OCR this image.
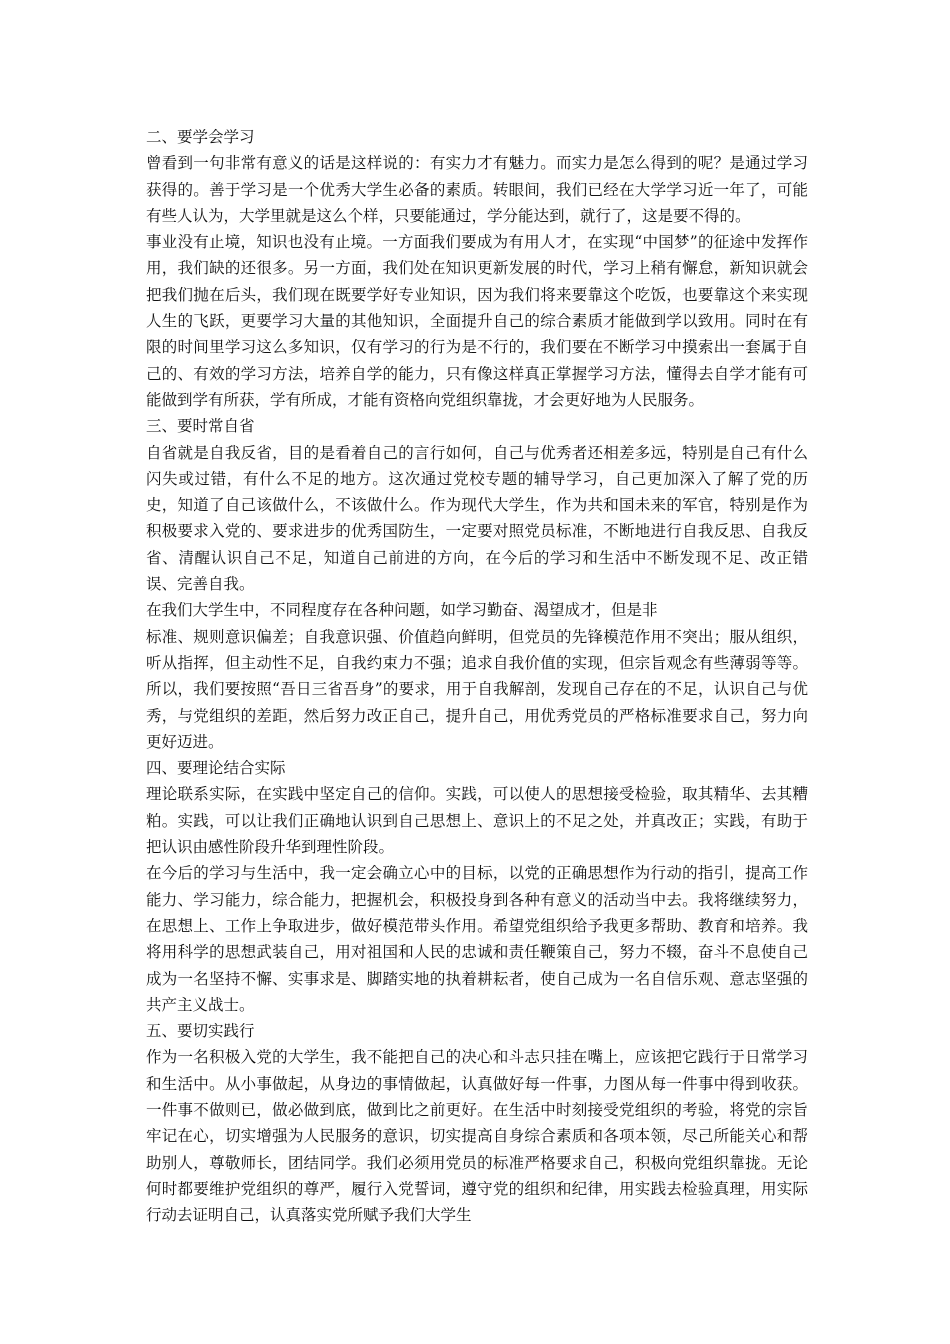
二、要学会学习

曾看到一句非常有意义的话是这样说的：有实力才有魅力。而实力是怎么得到的呢？是通过学习获得的。善于学习是一个优秀大学生必备的素质。转眼间，我们已经在大学学习近一年了，可能有些人认为，大学里就是这么个样，只要能通过，学分能达到，就行了，这是要不得的。

事业没有止境，知识也没有止境。一方面我们要成为有用人才，在实现“中国梦”的征途中发挥作用，我们缺的还很多。另一方面，我们处在知识更新发展的时代，学习上稍有懈怠，新知识就会把我们抛在后头，我们现在既要学好专业知识，因为我们将来要靠这个吃饭，也要靠这个来实现人生的飞跃，更要学习大量的其他知识，全面提升自己的综合素质才能做到学以致用。同时在有限的时间里学习这么多知识，仅有学习的行为是不行的，我们要在不断学习中摸索出一套属于自己的、有效的学习方法，培养自学的能力，只有像这样真正掌握学习方法，懂得去自学才能有可能做到学有所获，学有所成，才能有资格向党组织靠拢，才会更好地为人民服务。

三、要时常自省

自省就是自我反省，目的是看着自己的言行如何，自己与优秀者还相差多远，特别是自己有什么闪失或过错，有什么不足的地方。这次通过党校专题的辅导学习，自己更加深入了解了党的历史，知道了自己该做什么，不该做什么。作为现代大学生，作为共和国未来的军官，特别是作为积极要求入党的、要求进步的优秀国防生，一定要对照党员标准，不断地进行自我反思、自我反省、清醒认识自己不足，知道自己前进的方向，在今后的学习和生活中不断发现不足、改正错误、完善自我。

在我们大学生中，不同程度存在各种问题，如学习勤奋、渴望成才，但是非
标准、规则意识偏差；自我意识强、价值趋向鲜明，但党员的先锋模范作用不突出；服从组织，听从指挥，但主动性不足，自我约束力不强；追求自我价值的实现，但宗旨观念有些薄弱等等。所以，我们要按照“吾日三省吾身”的要求，用于自我解剖，发现自己存在的不足，认识自己与优秀，与党组织的差距，然后努力改正自己，提升自己，用优秀党员的严格标准要求自己，努力向更好迈进。

四、要理论结合实际

理论联系实际，在实践中坚定自己的信仰。实践，可以使人的思想接受检验，取其精华、去其糟粕。实践，可以让我们正确地认识到自己思想上、意识上的不足之处，并真改正；实践，有助于把认识由感性阶段升华到理性阶段。

在今后的学习与生活中，我一定会确立心中的目标，以党的正确思想作为行动的指引，提高工作能力、学习能力，综合能力，把握机会，积极投身到各种有意义的活动当中去。我将继续努力，在思想上、工作上争取进步，做好模范带头作用。希望党组织给予我更多帮助、教育和培养。我将用科学的思想武装自己，用对祖国和人民的忠诚和责任鞭策自己，努力不辍，奋斗不息使自己成为一名坚持不懈、实事求是、脚踏实地的执着耕耘者，使自己成为一名自信乐观、意志坚强的共产主义战士。

五、要切实践行

作为一名积极入党的大学生，我不能把自己的决心和斗志只挂在嘴上，应该把它践行于日常学习和生活中。从小事做起，从身边的事情做起，认真做好每一件事，力图从每一件事中得到收获。一件事不做则已，做必做到底，做到比之前更好。在生活中时刻接受党组织的考验，将党的宗旨牢记在心，切实增强为人民服务的意识，切实提高自身综合素质和各项本领，尽己所能关心和帮助别人，尊敬师长，团结同学。我们必须用党员的标准严格要求自己，积极向党组织靠拢。无论何时都要维护党组织的尊严，履行入党誓词，遵守党的组织和纪律，用实践去检验真理，用实际行动去证明自己，认真落实党所赋予我们大学生
